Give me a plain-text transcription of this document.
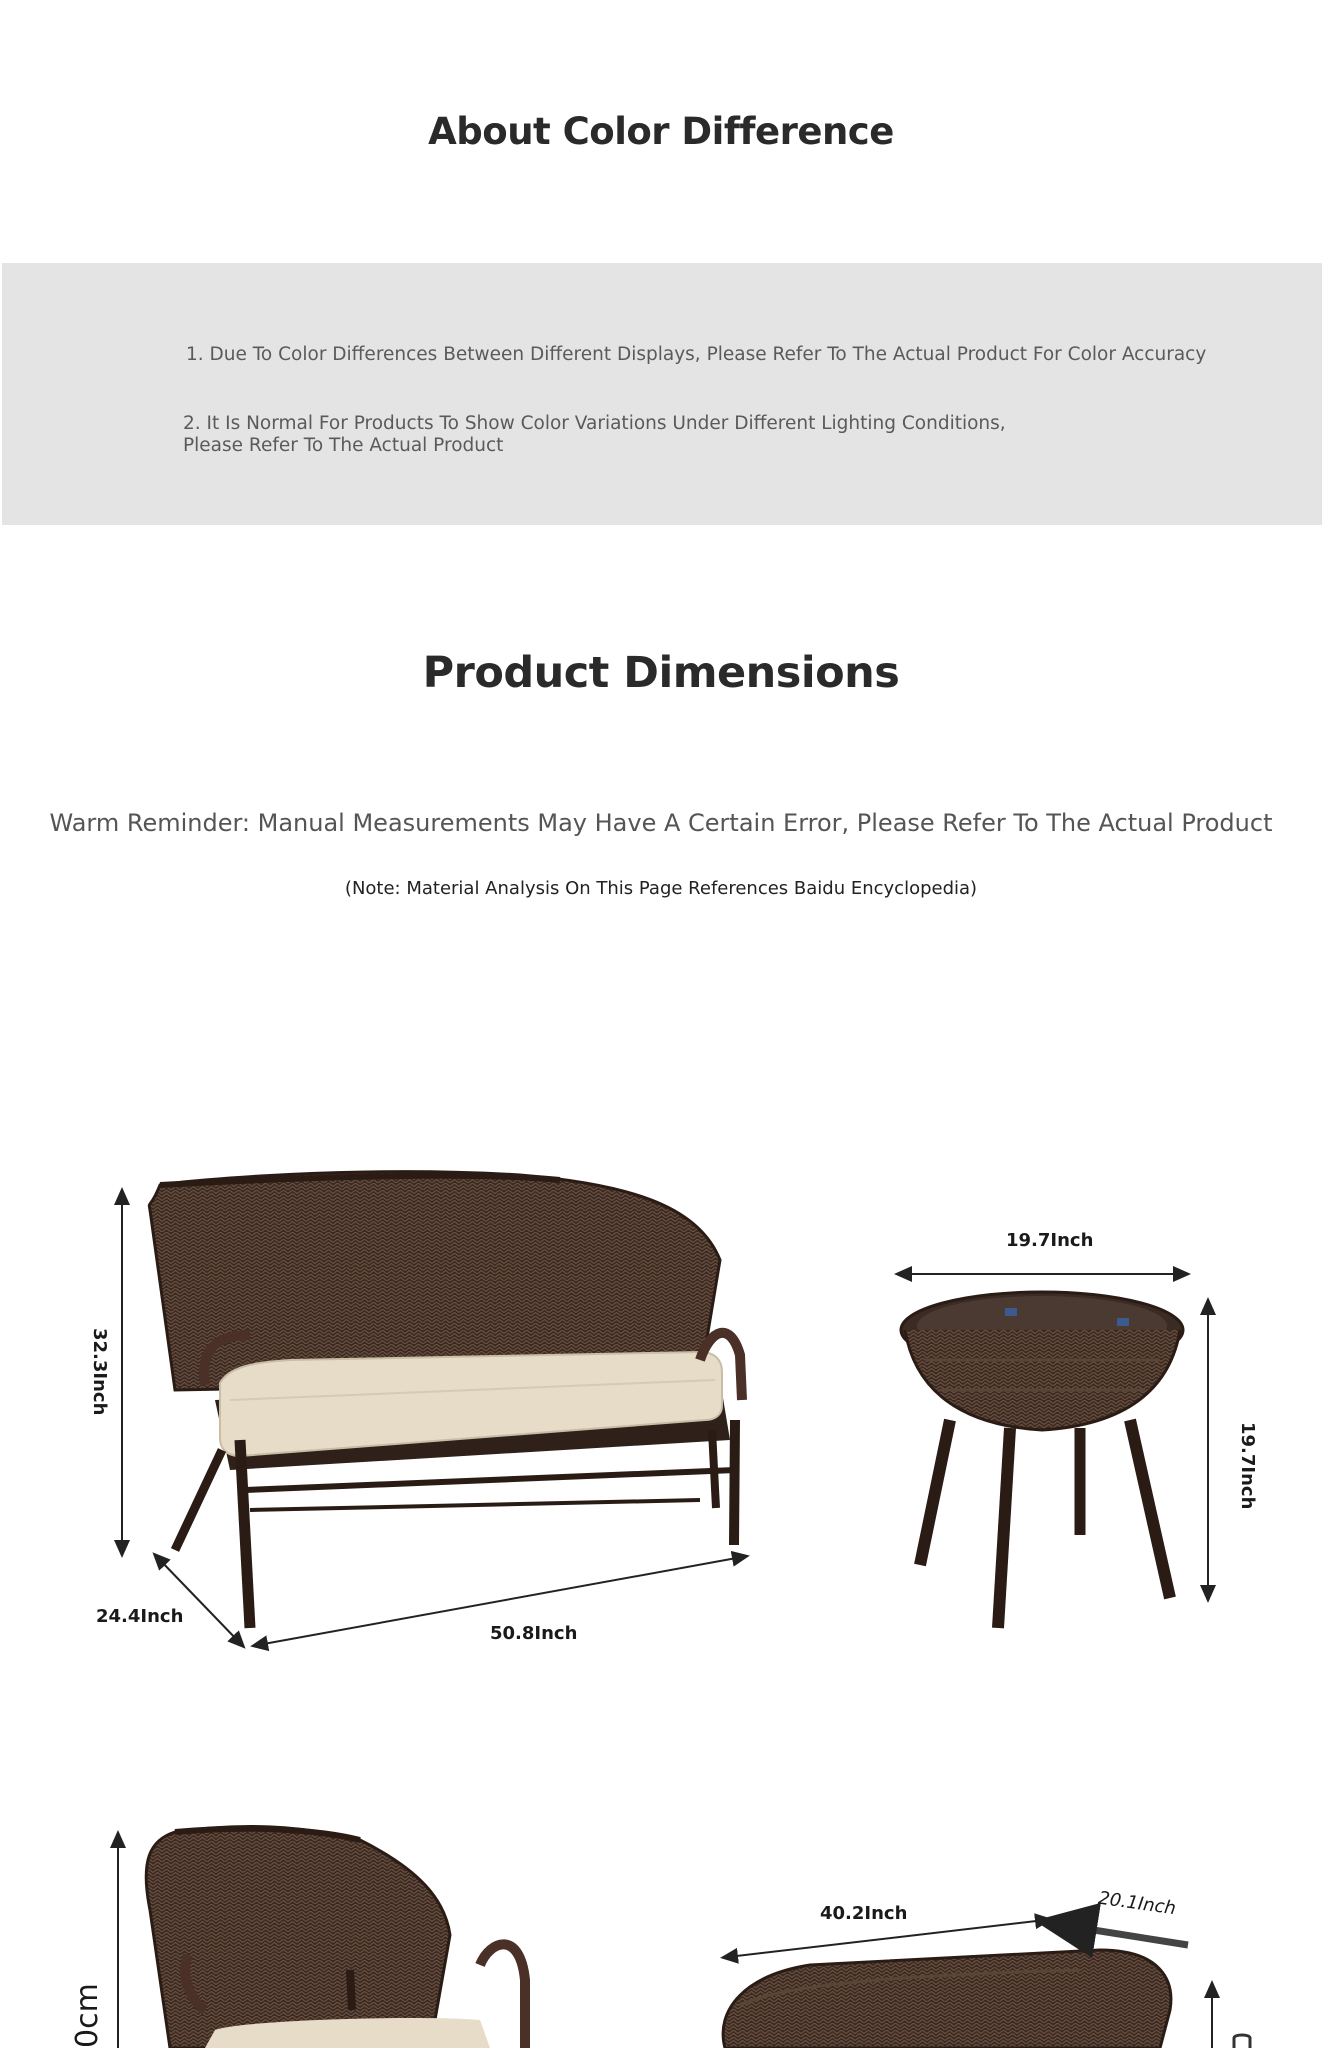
About Color Difference
1. Due To Color Differences Between Different Displays, Please Refer To The Actual Product For Color Accuracy
2. It Is Normal For Products To Show Color Variations Under Different Lighting Conditions, Please Refer To The Actual Product
Product Dimensions
Warm Reminder: Manual Measurements May Have A Certain Error, Please Refer To The Actual Product
(Note: Material Analysis On This Page References Baidu Encyclopedia)
32.3Inch
24.4Inch
50.8Inch
19.7Inch
19.7Inch
0cm
40.2Inch	20.1Inch
